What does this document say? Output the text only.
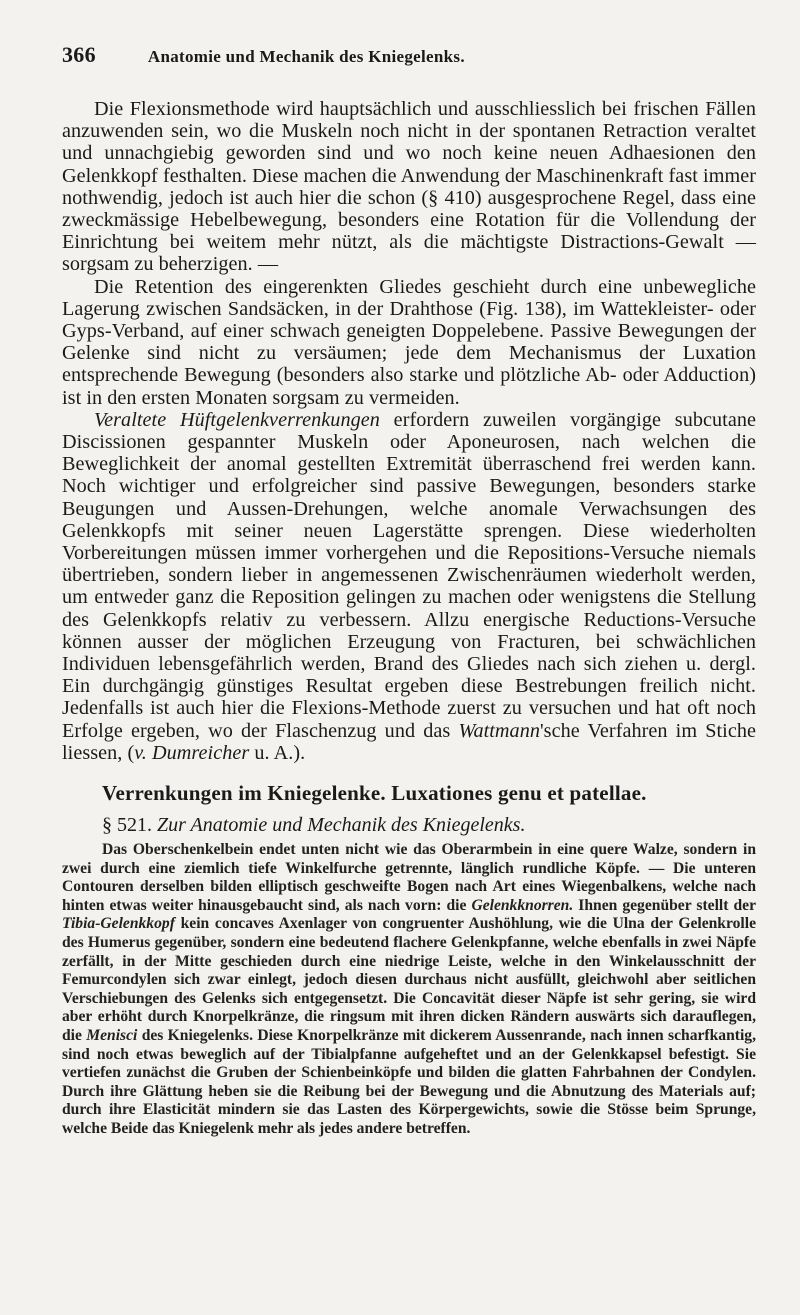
366	Anatomie und Mechanik des Kniegelenks.

Die Flexionsmethode wird hauptsächlich und ausschliesslich bei frischen Fällen anzuwenden sein, wo die Muskeln noch nicht in der spontanen Retraction veraltet und unnachgiebig geworden sind und wo noch keine neuen Adhaesionen den Gelenkkopf festhalten. Diese machen die Anwendung der Maschinenkraft fast immer nothwendig, jedoch ist auch hier die schon (§ 410) ausgesprochene Regel, dass eine zweckmässige Hebelbewegung, besonders eine Rotation für die Vollendung der Einrichtung bei weitem mehr nützt, als die mächtigste Distractions-Gewalt — sorgsam zu beherzigen. —

Die Retention des eingerenkten Gliedes geschieht durch eine unbewegliche Lagerung zwischen Sandsäcken, in der Drahthose (Fig. 138), im Wattekleister- oder Gyps-Verband, auf einer schwach geneigten Doppelebene. Passive Bewegungen der Gelenke sind nicht zu versäumen; jede dem Mechanismus der Luxation entsprechende Bewegung (besonders also starke und plötzliche Ab- oder Adduction) ist in den ersten Monaten sorgsam zu vermeiden.

Veraltete Hüftgelenkverrenkungen erfordern zuweilen vorgängige subcutane Discissionen gespannter Muskeln oder Aponeurosen, nach welchen die Beweglichkeit der anomal gestellten Extremität überraschend frei werden kann. Noch wichtiger und erfolgreicher sind passive Bewegungen, besonders starke Beugungen und Aussen-Drehungen, welche anomale Verwachsungen des Gelenkkopfs mit seiner neuen Lagerstätte sprengen. Diese wiederholten Vorbereitungen müssen immer vorhergehen und die Repositions-Versuche niemals übertrieben, sondern lieber in angemessenen Zwischenräumen wiederholt werden, um entweder ganz die Reposition gelingen zu machen oder wenigstens die Stellung des Gelenkkopfs relativ zu verbessern. Allzu energische Reductions-Versuche können ausser der möglichen Erzeugung von Fracturen, bei schwächlichen Individuen lebensgefährlich werden, Brand des Gliedes nach sich ziehen u. dergl. Ein durchgängig günstiges Resultat ergeben diese Bestrebungen freilich nicht. Jedenfalls ist auch hier die Flexions-Methode zuerst zu versuchen und hat oft noch Erfolge ergeben, wo der Flaschenzug und das Wattmann'sche Verfahren im Stiche liessen, (v. Dumreicher u. A.).

Verrenkungen im Kniegelenke. Luxationes genu et patellae.
§ 521. Zur Anatomie und Mechanik des Kniegelenks.

Das Oberschenkelbein endet unten nicht wie das Oberarmbein in eine quere Walze, sondern in zwei durch eine ziemlich tiefe Winkelfurche getrennte, länglich rundliche Köpfe. — Die unteren Contouren derselben bilden elliptisch geschweifte Bogen nach Art eines Wiegenbalkens, welche nach hinten etwas weiter hinausgebaucht sind, als nach vorn: die Gelenkknorren. Ihnen gegenüber stellt der Tibia-Gelenkkopf kein concaves Axenlager von congruenter Aushöhlung, wie die Ulna der Gelenkrolle des Humerus gegenüber, sondern eine bedeutend flachere Gelenkpfanne, welche ebenfalls in zwei Näpfe zerfällt, in der Mitte geschieden durch eine niedrige Leiste, welche in den Winkelausschnitt der Femurcondylen sich zwar einlegt, jedoch diesen durchaus nicht ausfüllt, gleichwohl aber seitlichen Verschiebungen des Gelenks sich entgegensetzt. Die Concavität dieser Näpfe ist sehr gering, sie wird aber erhöht durch Knorpelkränze, die ringsum mit ihren dicken Rändern auswärts sich darauflegen, die Menisci des Kniegelenks. Diese Knorpelkränze mit dickerem Aussenrande, nach innen scharfkantig, sind noch etwas beweglich auf der Tibialpfanne aufgeheftet und an der Gelenkkapsel befestigt. Sie vertiefen zunächst die Gruben der Schienbeinköpfe und bilden die glatten Fahrbahnen der Condylen. Durch ihre Glättung heben sie die Reibung bei der Bewegung und die Abnutzung des Materials auf; durch ihre Elasticität mindern sie das Lasten des Körpergewichts, sowie die Stösse beim Sprunge, welche Beide das Kniegelenk mehr als jedes andere betreffen.
